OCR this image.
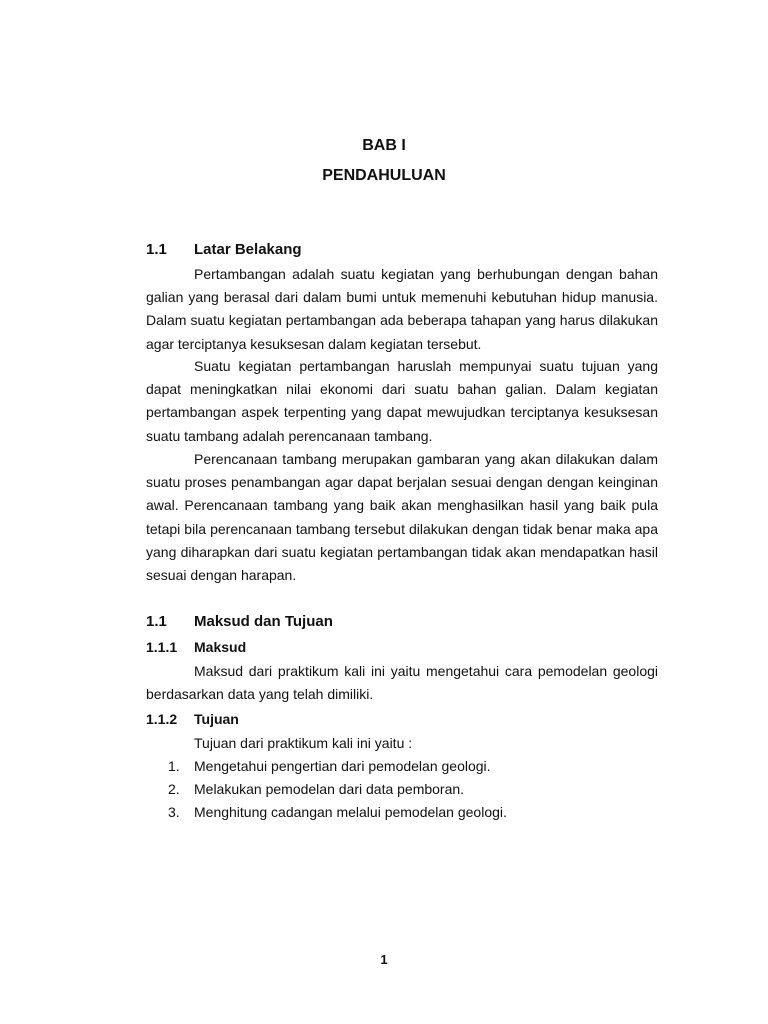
BAB I
PENDAHULUAN
1.1 Latar Belakang

Pertambangan adalah suatu kegiatan yang berhubungan dengan bahan galian yang berasal dari dalam bumi untuk memenuhi kebutuhan hidup manusia. Dalam suatu kegiatan pertambangan ada beberapa tahapan yang harus dilakukan agar terciptanya kesuksesan dalam kegiatan tersebut.

Suatu kegiatan pertambangan haruslah mempunyai suatu tujuan yang dapat meningkatkan nilai ekonomi dari suatu bahan galian. Dalam kegiatan pertambangan aspek terpenting yang dapat mewujudkan terciptanya kesuksesan suatu tambang adalah perencanaan tambang.

Perencanaan tambang merupakan gambaran yang akan dilakukan dalam suatu proses penambangan agar dapat berjalan sesuai dengan dengan keinginan awal. Perencanaan tambang yang baik akan menghasilkan hasil yang baik pula tetapi bila perencanaan tambang tersebut dilakukan dengan tidak benar maka apa yang diharapkan dari suatu kegiatan pertambangan tidak akan mendapatkan hasil sesuai dengan harapan.

1.1 Maksud dan Tujuan
1.1.1 Maksud

Maksud dari praktikum kali ini yaitu mengetahui cara pemodelan geologi berdasarkan data yang telah dimiliki.

1.1.2 Tujuan

Tujuan dari praktikum kali ini yaitu :

1.	Mengetahui pengertian dari pemodelan geologi.
2.	Melakukan pemodelan dari data pemboran.
3.	Menghitung cadangan melalui pemodelan geologi.
1
